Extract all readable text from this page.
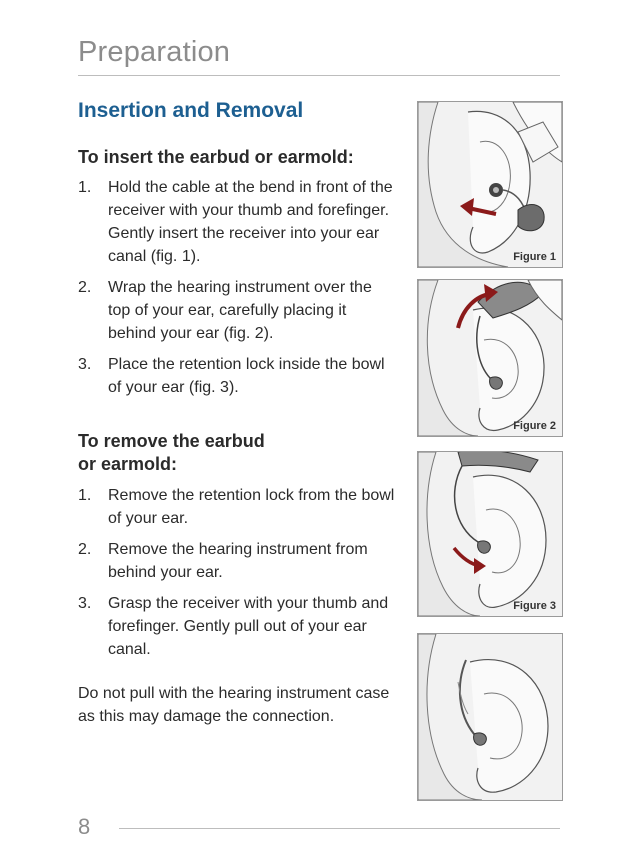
Preparation
Insertion and Removal
To insert the earbud or earmold:
1. Hold the cable at the bend in front of the receiver with your thumb and forefinger. Gently insert the receiver into your ear canal (fig. 1).
2. Wrap the hearing instrument over the top of your ear, carefully placing it behind your ear (fig. 2).
3. Place the retention lock inside the bowl of your ear (fig. 3).
To remove the earbud
or earmold:
1. Remove the retention lock from the bowl of your ear.
2. Remove the hearing instrument from behind your ear.
3. Grasp the receiver with your thumb and forefinger. Gently pull out of your ear canal.
Do not pull with the hearing instrument case as this may damage the connection.
Figure 1
Figure 2
Figure 3
8
